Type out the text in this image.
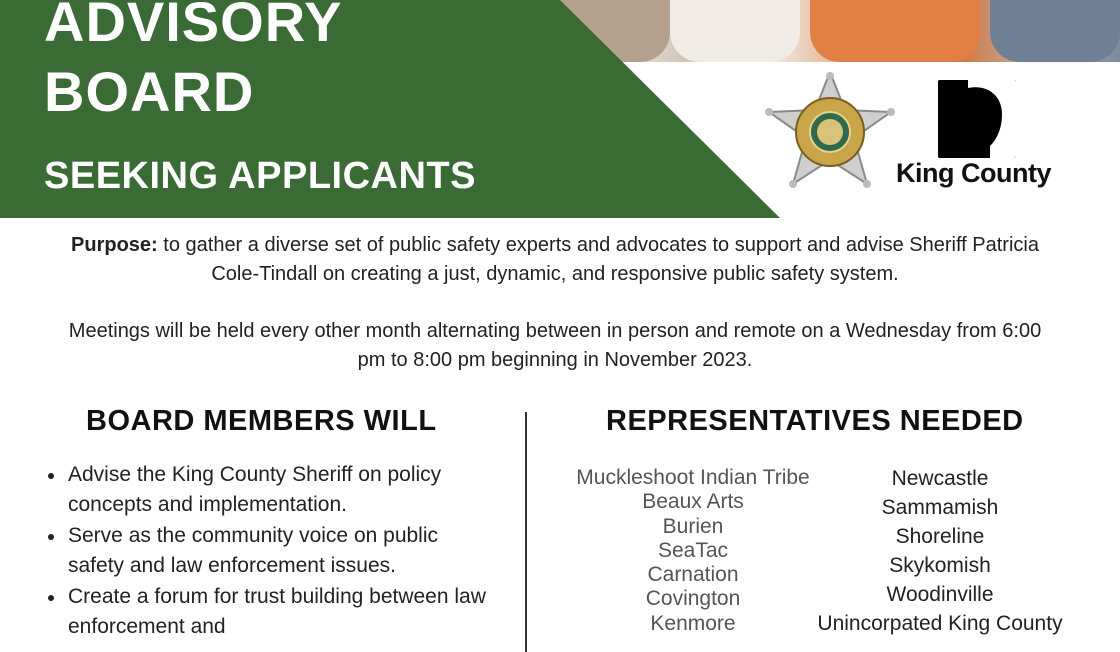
ADVISORY
BOARD
SEEKING APPLICANTS	King County
Purpose: to gather a diverse set of public safety experts and advocates to support and advise Sheriff Patricia Cole-Tindall on creating a just, dynamic, and responsive public safety system.
Meetings will be held every other month alternating between in person and remote on a Wednesday from 6:00 pm to 8:00 pm beginning in November 2023.
BOARD MEMBERS WILL	REPRESENTATIVES NEEDED
Advise the King County Sheriff on policy concepts and implementation.
Serve as the community voice on public safety and law enforcement issues.
Create a forum for trust building between law enforcement and
Muckleshoot Indian Tribe
Beaux Arts
Burien
SeaTac
Carnation
Covington
Kenmore
Newcastle
Sammamish
Shoreline
Skykomish
Woodinville
Unincorpated King County
